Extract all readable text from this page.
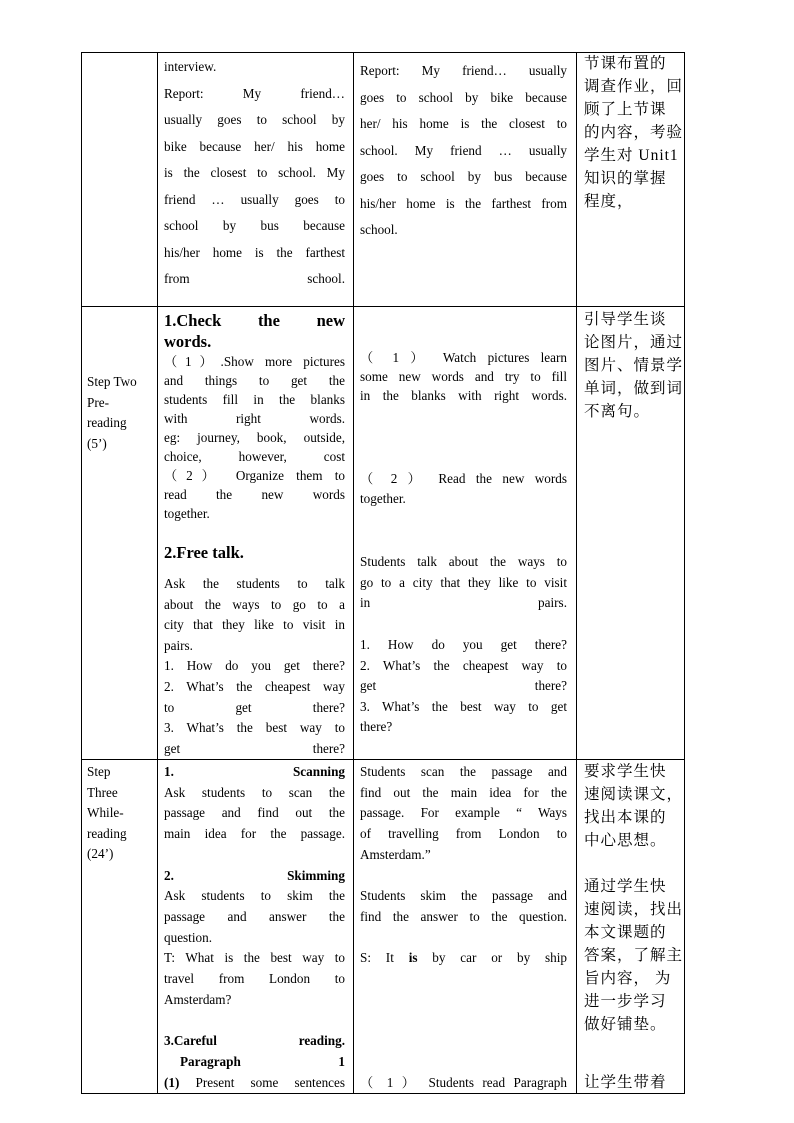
interview.
Report: My friend…
usually goes to school by
bike because her/ his home
is the closest to school. My
friend … usually goes to
school by bus because
his/her home is the farthest
from school.
Report: My friend… usually
goes to school by bike because
her/ his home is the closest to
school. My friend … usually
goes to school by bus because
his/her home is the farthest from
school.
节课布置的
调查作业，回
顾了上节课
的内容，考验
学生对 Unit1
知识的掌握
程度，
Step Two
Pre-
reading
(5’)
1.Check the new
words.
（1）.Show more pictures
and things to get the
students fill in the blanks
with right words.
eg: journey, book, outside,
choice, however, cost
（2） Organize them to
read the new words
together.
2.Free talk.
Ask the students to talk
about the ways to go to a
city that they like to visit in
pairs.
1. How do you get there?
2. What’s the cheapest way
to get there?
3. What’s the best way to
get there?
（ 1 ） Watch pictures learn
some new words and try to fill
in the blanks with right words.
（ 2 ） Read the new words
together.
Students talk about the ways to
go to a city that they like to visit
in pairs.
1. How do you get there?
2. What’s the cheapest way to
get there?
3. What’s the best way to get
there?
引导学生谈
论图片，通过
图片、情景学
单词，做到词
不离句。
Step
Three
While-
reading
(24’)
1. Scanning
Ask students to scan the
passage and find out the
main idea for the passage.

2. Skimming
Ask students to skim the
passage and answer the
question.
T: What is the best way to
travel from London to
Amsterdam?

3.Careful reading.
Paragraph 1
(1) Present some sentences
Students scan the passage and
find out the main idea for the
passage. For example “ Ways
of travelling from London to
Amsterdam.”

Students skim the passage and
find the answer to the question.

S: It is by car or by ship

（ 1 ） Students read Paragraph
要求学生快
速阅读课文，
找出本课的
中心思想。

通过学生快
速阅读，找出
本文课题的
答案，了解主
旨内容， 为
进一步学习
做好铺垫。
让学生带着
